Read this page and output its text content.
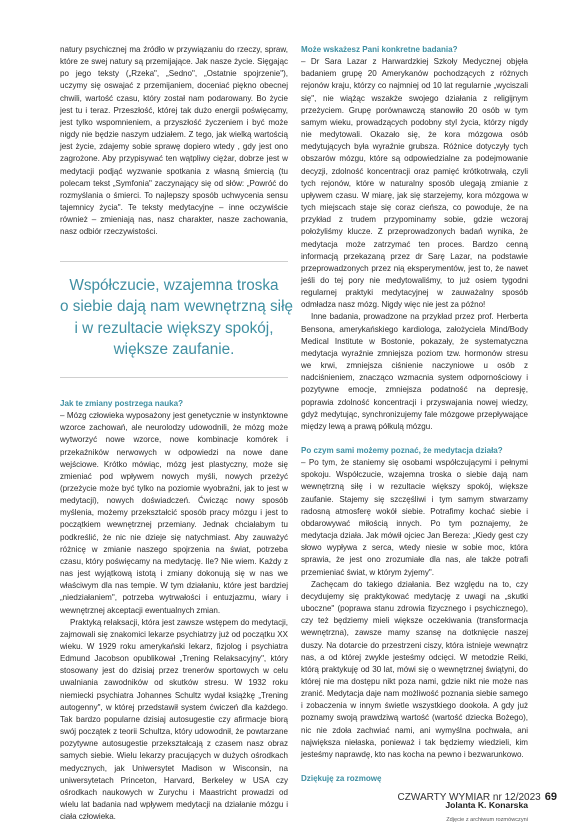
natury psychicznej ma źródło w przywiązaniu do rzeczy, spraw, które ze swej natury są przemijające. Jak nasze życie. Sięgając po jego teksty („Rzeka", „Sedno", „Ostatnie spojrzenie"), uczymy się oswajać z przemijaniem, doceniać piękno obecnej chwili, wartość czasu, który został nam podarowany. Bo życie jest tu i teraz. Przeszłość, której tak dużo energii poświęcamy, jest tylko wspomnieniem, a przyszłość życzeniem i być może nigdy nie będzie naszym udziałem. Z tego, jak wielką wartością jest życie, zdajemy sobie sprawę dopiero wtedy , gdy jest ono zagrożone. Aby przypisywać ten wątpliwy ciężar, dobrze jest w medytacji podjąć wyzwanie spotkania z własną śmiercią (tu polecam tekst „Symfonia" zaczynający się od słów: „Powróć do rozmyślania o śmierci. To najlepszy sposób uchwycenia sensu tajemnicy życia". Te teksty medytacyjne – inne oczywiście również – zmieniają nas, nasz charakter, nasze zachowania, nasz odbiór rzeczywistości.

Współczucie, wzajemna troska
o siebie dają nam wewnętrzną siłę
i w rezultacie większy spokój,
większe zaufanie.
Jak te zmiany postrzega nauka?

– Mózg człowieka wyposażony jest genetycznie w instynktowne wzorce zachowań, ale neurolodzy udowodnili, że mózg może wytworzyć nowe wzorce, nowe kombinacje komórek i przekaźników nerwowych w odpowiedzi na nowe dane wejściowe. Krótko mówiąc, mózg jest plastyczny, może się zmieniać pod wpływem nowych myśli, nowych przeżyć (przeżycie może być tylko na poziomie wyobraźni, jak to jest w medytacji), nowych doświadczeń. Ćwicząc nowy sposób myślenia, możemy przekształcić sposób pracy mózgu i jest to początkiem wewnętrznej przemiany. Jednak chciałabym tu podkreślić, że nic nie dzieje się natychmiast. Aby zauważyć różnicę w zmianie naszego spojrzenia na świat, potrzeba czasu, który poświęcamy na medytację. Ile? Nie wiem. Każdy z nas jest wyjątkową istotą i zmiany dokonują się w nas we właściwym dla nas tempie. W tym działaniu, które jest bardziej „niedziałaniem", potrzeba wytrwałości i entuzjazmu, wiary i wewnętrznej akceptacji ewentualnych zmian.

Praktyką relaksacji, która jest zawsze wstępem do medytacji, zajmowali się znakomici lekarze psychiatrzy już od początku XX wieku. W 1929 roku amerykański lekarz, fizjolog i psychiatra Edmund Jacobson opublikował „Trening Relaksacyjny", który stosowany jest do dzisiaj przez trenerów sportowych w celu uwalniania zawodników od skutków stresu. W 1932 roku niemiecki psychiatra Johannes Schultz wydał książkę „Trening autogenny", w której przedstawił system ćwiczeń dla każdego. Tak bardzo popularne dzisiaj autosugestie czy afirmacje biorą swój początek z teorii Schultza, który udowodnił, że powtarzane pozytywne autosugestie przekształcają z czasem nasz obraz samych siebie. Wielu lekarzy pracujących w dużych ośrodkach medycznych, jak Uniwersytet Madison w Wisconsin, na uniwersytetach Princeton, Harvard, Berkeley w USA czy ośrodkach naukowych w Zurychu i Maastricht prowadzi od wielu lat badania nad wpływem medytacji na działanie mózgu i ciała człowieka.

Może wskażesz Pani konkretne badania?

– Dr Sara Lazar z Harwardzkiej Szkoły Medycznej objęła badaniem grupę 20 Amerykanów pochodzących z różnych rejonów kraju, którzy co najmniej od 10 lat regularnie „wyciszali się", nie wiążąc wszakże swojego działania z religijnym przeżyciem. Grupę porównawczą stanowiło 20 osób w tym samym wieku, prowadzących podobny styl życia, którzy nigdy nie medytowali. Okazało się, że kora mózgowa osób medytujących była wyraźnie grubsza. Różnice dotyczyły tych obszarów mózgu, które są odpowiedzialne za podejmowanie decyzji, zdolność koncentracji oraz pamięć krótkotrwałą, czyli tych rejonów, które w naturalny sposób ulegają zmianie z upływem czasu. W miarę, jak się starzejemy, kora mózgowa w tych miejscach staje się coraz cieńsza, co powoduje, że na przykład z trudem przypominamy sobie, gdzie wczoraj położyliśmy klucze. Z przeprowadzonych badań wynika, że medytacja może zatrzymać ten proces. Bardzo cenną informacją przekazaną przez dr Sarę Lazar, na podstawie przeprowadzonych przez nią eksperymentów, jest to, że nawet jeśli do tej pory nie medytowaliśmy, to już osiem tygodni regularnej praktyki medytacyjnej w zauważalny sposób odmładza nasz mózg. Nigdy więc nie jest za późno!

Inne badania, prowadzone na przykład przez prof. Herberta Bensona, amerykańskiego kardiologa, założyciela Mind/Body Medical Institute w Bostonie, pokazały, że systematyczna medytacja wyraźnie zmniejsza poziom tzw. hormonów stresu we krwi, zmniejsza ciśnienie naczyniowe u osób z nadciśnieniem, znacząco wzmacnia system odpornościowy i pozytywne emocje, zmniejsza podatność na depresję, poprawia zdolność koncentracji i przyswajania nowej wiedzy, gdyż medytując, synchronizujemy fale mózgowe przepływające między lewą a prawą półkulą mózgu.

Po czym sami możemy poznać, że medytacja działa?

– Po tym, że staniemy się osobami współczującymi i pełnymi spokoju. Współczucie, wzajemna troska o siebie dają nam wewnętrzną siłę i w rezultacie większy spokój, większe zaufanie. Stajemy się szczęśliwi i tym samym stwarzamy radosną atmosferę wokół siebie. Potrafimy kochać siebie i obdarowywać miłością innych. Po tym poznajemy, że medytacja działa. Jak mówił ojciec Jan Bereza: „Kiedy gest czy słowo wypływa z serca, wtedy niesie w sobie moc, która sprawia, że jest ono zrozumiałe dla nas, ale także potrafi przemieniać świat, w którym żyjemy".

Zachęcam do takiego działania. Bez względu na to, czy decydujemy się praktykować medytację z uwagi na „skutki uboczne" (poprawa stanu zdrowia fizycznego i psychicznego), czy też będziemy mieli większe oczekiwania (transformacja wewnętrzna), zawsze mamy szansę na dotknięcie naszej duszy. Na dotarcie do przestrzeni ciszy, która istnieje wewnątrz nas, a od której zwykle jesteśmy odcięci. W metodzie Reiki, którą praktykuję od 30 lat, mówi się o wewnętrznej świątyni, do której nie ma dostępu nikt poza nami, gdzie nikt nie może nas zranić. Medytacja daje nam możliwość poznania siebie samego i zobaczenia w innym świetle wszystkiego dookoła. A gdy już poznamy swoją prawdziwą wartość (wartość dziecka Bożego), nic nie zdoła zachwiać nami, ani wymyślna pochwała, ani największa niełaska, ponieważ i tak będziemy wiedzieli, kim jesteśmy naprawdę, kto nas kocha na pewno i bezwarunkowo.

Dziękuję za rozmowę
Jolanta K. Konarska
Zdjęcie z archiwum rozmówczyni
CZWARTY WYMIAR nr 12/2023 69
